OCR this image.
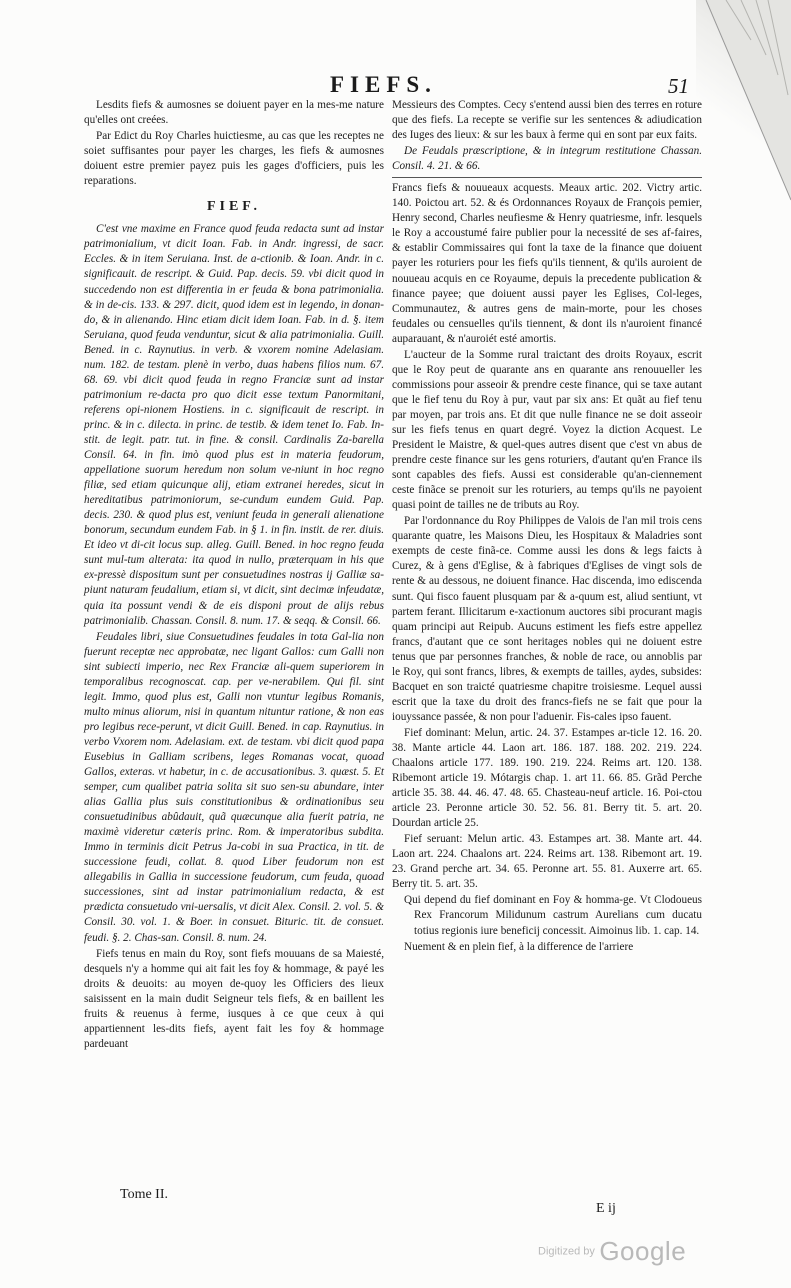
FIEFS.	51

Lesdits fiefs & aumosnes se doiuent payer en la mes-me nature qu'elles ont creées.

Par Edict du Roy Charles huictiesme, au cas que les receptes ne soiet suffisantes pour payer les charges, les fiefs & aumosnes doiuent estre premier payez puis les gages d'officiers, puis les reparations.

FIEF.

C'est vne maxime en France quod feuda redacta sunt ad instar patrimonialium, vt dicit Ioan. Fab. in Andr. ingressi, de sacr. Eccles. & in item Seruiana. Inst. de a-ctionib. & Ioan. Andr. in c. significauit. de rescript. & Guid. Pap. decis. 59. vbi dicit quod in succedendo non est differentia in er feuda & bona patrimonialia. & in de-cis. 133. & 297. dicit, quod idem est in legendo, in donan-do, & in alienando. Hinc etiam dicit idem Ioan. Fab. in d. §. item Seruiana, quod feuda venduntur, sicut & alia patrimonialia. Guill. Bened. in c. Raynutius. in verb. & vxorem nomine Adelasiam. num. 182. de testam. plenè in verbo, duas habens filios num. 67. 68. 69. vbi dicit quod feuda in regno Franciæ sunt ad instar patrimonium re-dacta pro quo dicit esse textum Panormitani, referens opi-nionem Hostiens. in c. significauit de rescript. in princ. & in c. dilecta. in princ. de testib. & idem tenet Io. Fab. In-stit. de legit. patr. tut. in fine. & consil. Cardinalis Za-barella Consil. 64. in fin. imò quod plus est in materia feudorum, appellatione suorum heredum non solum ve-niunt in hoc regno filiæ, sed etiam quicunque alij, etiam extranei heredes, sicut in hereditatibus patrimoniorum, se-cundum eundem Guid. Pap. decis. 230. & quod plus est, veniunt feuda in generali alienatione bonorum, secundum eundem Fab. in § 1. in fin. instit. de rer. diuis. Et ideo vt di-cit locus sup. alleg. Guill. Bened. in hoc regno feuda sunt mul-tum alterata: ita quod in nullo, præterquam in his que ex-pressè dispositum sunt per consuetudines nostras ij Galliæ sa-piunt naturam feudalium, etiam si, vt dicit, sint decimæ infeudatæ, quia ita possunt vendi & de eis disponi prout de alijs rebus patrimonialib. Chassan. Consil. 8. num. 17. & seqq. & Consil. 66.

Feudales libri, siue Consuetudines feudales in tota Gal-lia non fuerunt receptæ nec approbatæ, nec ligant Gallos: cum Galli non sint subiecti imperio, nec Rex Franciæ ali-quem superiorem in temporalibus recognoscat. cap. per ve-nerabilem. Qui fil. sint legit. Immo, quod plus est, Galli non vtuntur legibus Romanis, multo minus aliorum, nisi in quantum nituntur ratione, & non eas pro legibus rece-perunt, vt dicit Guill. Bened. in cap. Raynutius. in verbo Vxorem nom. Adelasiam. ext. de testam. vbi dicit quod papa Eusebius in Galliam scribens, leges Romanas vocat, quoad Gallos, exteras. vt habetur, in c. de accusationibus. 3. quæst. 5. Et semper, cum qualibet patria solita sit suo sen-su abundare, inter alias Gallia plus suis constitutionibus & ordinationibus seu consuetudinibus abûdauit, quã quæcunque alia fuerit patria, ne maximè videretur cæteris princ. Rom. & imperatoribus subdita. Immo in terminis dicit Petrus Ja-cobi in sua Practica, in tit. de successione feudi, collat. 8. quod Liber feudorum non est allegabilis in Gallia in successione feudorum, cum feuda, quoad successiones, sint ad instar patrimonialium redacta, & est prædicta consuetudo vni-uersalis, vt dicit Alex. Consil. 2. vol. 5. & Consil. 30. vol. 1. & Boer. in consuet. Bituric. tit. de consuet. feudi. §. 2. Chas-san. Consil. 8. num. 24.

Fiefs tenus en main du Roy, sont fiefs mouuans de sa Maiesté, desquels n'y a homme qui ait fait les foy & hommage, & payé les droits & deuoits: au moyen de-quoy les Officiers des lieux saisissent en la main dudit Seigneur tels fiefs, & en baillent les fruits & reuenus à ferme, iusques à ce que ceux à qui appartiennent les-dits fiefs, ayent fait les foy & hommage pardeuant

Messieurs des Comptes. Cecy s'entend aussi bien des terres en roture que des fiefs. La recepte se verifie sur les sentences & adiudication des Iuges des lieux: & sur les baux à ferme qui en sont par eux faits.

De Feudals præscriptione, & in integrum restitutione Chassan. Consil. 4. 21. & 66.

Francs fiefs & nouueaux acquests. Meaux artic. 202. Victry artic. 140. Poictou art. 52. & és Ordonnances Royaux de François pemier, Henry second, Charles neufiesme & Henry quatriesme, infr. lesquels le Roy a accoustumé faire publier pour la necessité de ses af-faires, & establir Commissaires qui font la taxe de la finance que doiuent payer les roturiers pour les fiefs qu'ils tiennent, & qu'ils auroient de nouueau acquis en ce Royaume, depuis la precedente publication & finance payee; que doiuent aussi payer les Eglises, Col-leges, Communautez, & autres gens de main-morte, pour les choses feudales ou censuelles qu'ils tiennent, & dont ils n'auroient financé auparauant, & n'auroiét esté amortis.

L'aucteur de la Somme rural traictant des droits Royaux, escrit que le Roy peut de quarante ans en quarante ans renouueller les commissions pour asseoir & prendre ceste finance, qui se taxe autant que le fief tenu du Roy à pur, vaut par six ans: Et quãt au fief tenu par moyen, par trois ans. Et dit que nulle finance ne se doit asseoir sur les fiefs tenus en quart degré. Voyez la diction Acquest. Le President le Maistre, & quel-ques autres disent que c'est vn abus de prendre ceste finance sur les gens roturiers, d'autant qu'en France ils sont capables des fiefs. Aussi est considerable qu'an-ciennement ceste finãce se prenoit sur les roturiers, au temps qu'ils ne payoient quasi point de tailles ne de tributs au Roy.

Par l'ordonnance du Roy Philippes de Valois de l'an mil trois cens quarante quatre, les Maisons Dieu, les Hospitaux & Maladries sont exempts de ceste finã-ce. Comme aussi les dons & legs faicts à Curez, & à gens d'Eglise, & à fabriques d'Eglises de vingt sols de rente & au dessous, ne doiuent finance. Hac discenda, imo ediscenda sunt. Qui fisco fauent plusquam par & a-quum est, aliud sentiunt, vt partem ferant. Illicitarum e-xactionum auctores sibi procurant magis quam principi aut Reipub. Aucuns estiment les fiefs estre appellez francs, d'autant que ce sont heritages nobles qui ne doiuent estre tenus que par personnes franches, & noble de race, ou annoblis par le Roy, qui sont francs, libres, & exempts de tailles, aydes, subsides: Bacquet en son traicté quatriesme chapitre troisiesme. Lequel aussi escrit que la taxe du droit des francs-fiefs ne se fait que pour la iouyssance passée, & non pour l'aduenir. Fis-cales ipso fauent.

Fief dominant: Melun, artic. 24. 37. Estampes ar-ticle 12. 16. 20. 38. Mante article 44. Laon art. 186. 187. 188. 202. 219. 224. Chaalons article 177. 189. 190. 219. 224. Reims art. 120. 138. Ribemont article 19. Mótargis chap. 1. art 11. 66. 85. Grãd Perche article 35. 38. 44. 46. 47. 48. 65. Chasteau-neuf article. 16. Poi-ctou article 23. Peronne article 30. 52. 56. 81. Berry tit. 5. art. 20. Dourdan article 25.

Fief seruant: Melun artic. 43. Estampes art. 38. Mante art. 44. Laon art. 224. Chaalons art. 224. Reims art. 138. Ribemont art. 19. 23. Grand perche art. 34. 65. Peronne art. 55. 81. Auxerre art. 65. Berry tit. 5. art. 35.

Qui depend du fief dominant en Foy & homma-ge. Vt Clodoueus Rex Francorum Milidunum castrum Aurelians cum ducatu totius regionis iure beneficij concessit. Aimoinus lib. 1. cap. 14.

Nuement & en plein fief, à la difference de l'arriere

Tome II.
E ij
Digitized by Google
